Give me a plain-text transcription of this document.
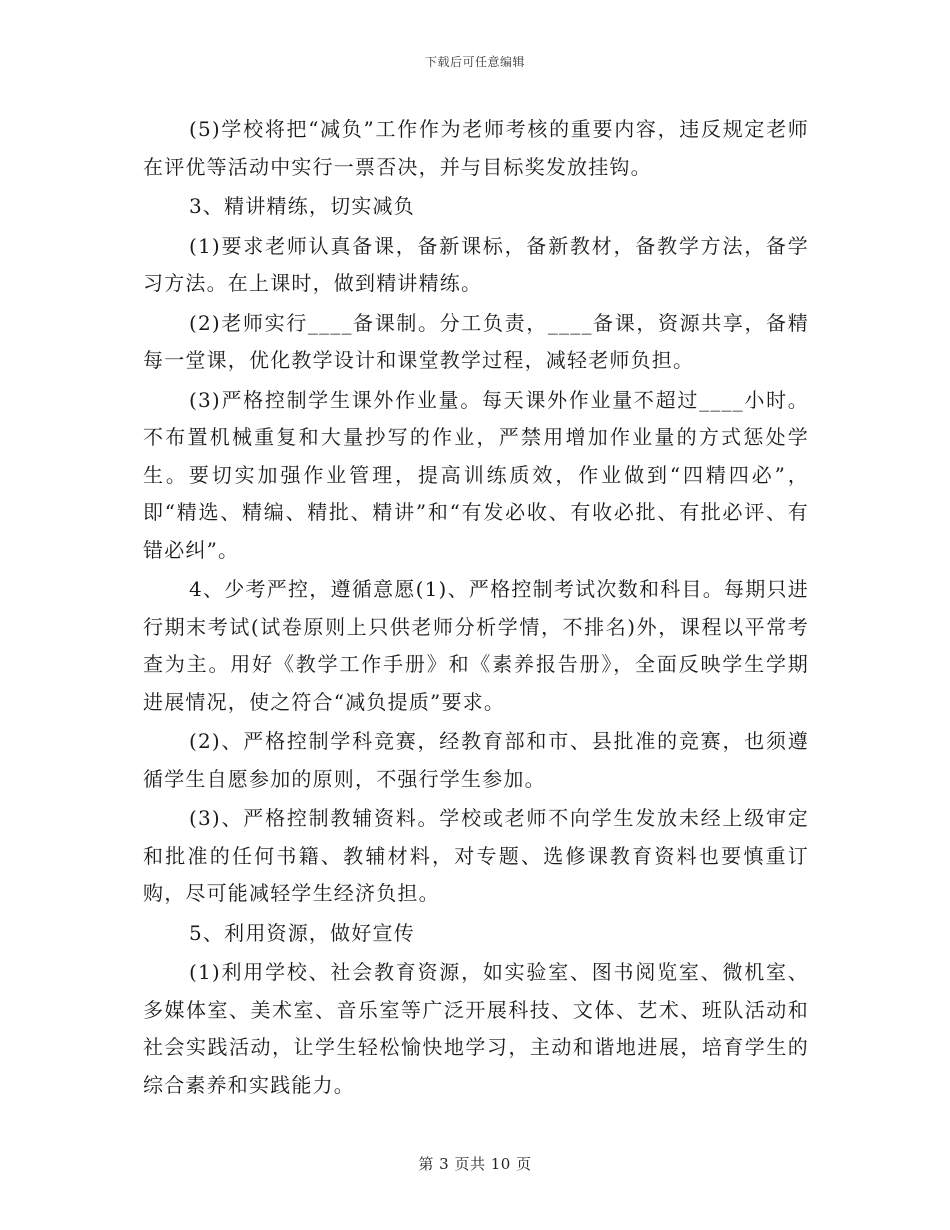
下载后可任意编辑

(5)学校将把“减负”工作作为老师考核的重要内容，违反规定老师在评优等活动中实行一票否决，并与目标奖发放挂钩。

3、精讲精练，切实减负

(1)要求老师认真备课，备新课标，备新教材，备教学方法，备学习方法。在上课时，做到精讲精练。

(2)老师实行____备课制。分工负责，____备课，资源共享，备精每一堂课，优化教学设计和课堂教学过程，减轻老师负担。

(3)严格控制学生课外作业量。每天课外作业量不超过____小时。不布置机械重复和大量抄写的作业，严禁用增加作业量的方式惩处学生。要切实加强作业管理，提高训练质效，作业做到“四精四必”，即“精选、精编、精批、精讲”和“有发必收、有收必批、有批必评、有错必纠”。

4、少考严控，遵循意愿(1)、严格控制考试次数和科目。每期只进行期末考试(试卷原则上只供老师分析学情，不排名)外，课程以平常考查为主。用好《教学工作手册》和《素养报告册》，全面反映学生学期进展情况，使之符合“减负提质”要求。

(2)、严格控制学科竞赛，经教育部和市、县批准的竞赛，也须遵循学生自愿参加的原则，不强行学生参加。

(3)、严格控制教辅资料。学校或老师不向学生发放未经上级审定和批准的任何书籍、教辅材料，对专题、选修课教育资料也要慎重订购，尽可能减轻学生经济负担。

5、利用资源，做好宣传

(1)利用学校、社会教育资源，如实验室、图书阅览室、微机室、多媒体室、美术室、音乐室等广泛开展科技、文体、艺术、班队活动和社会实践活动，让学生轻松愉快地学习，主动和谐地进展，培育学生的综合素养和实践能力。

第 3 页共 10 页
